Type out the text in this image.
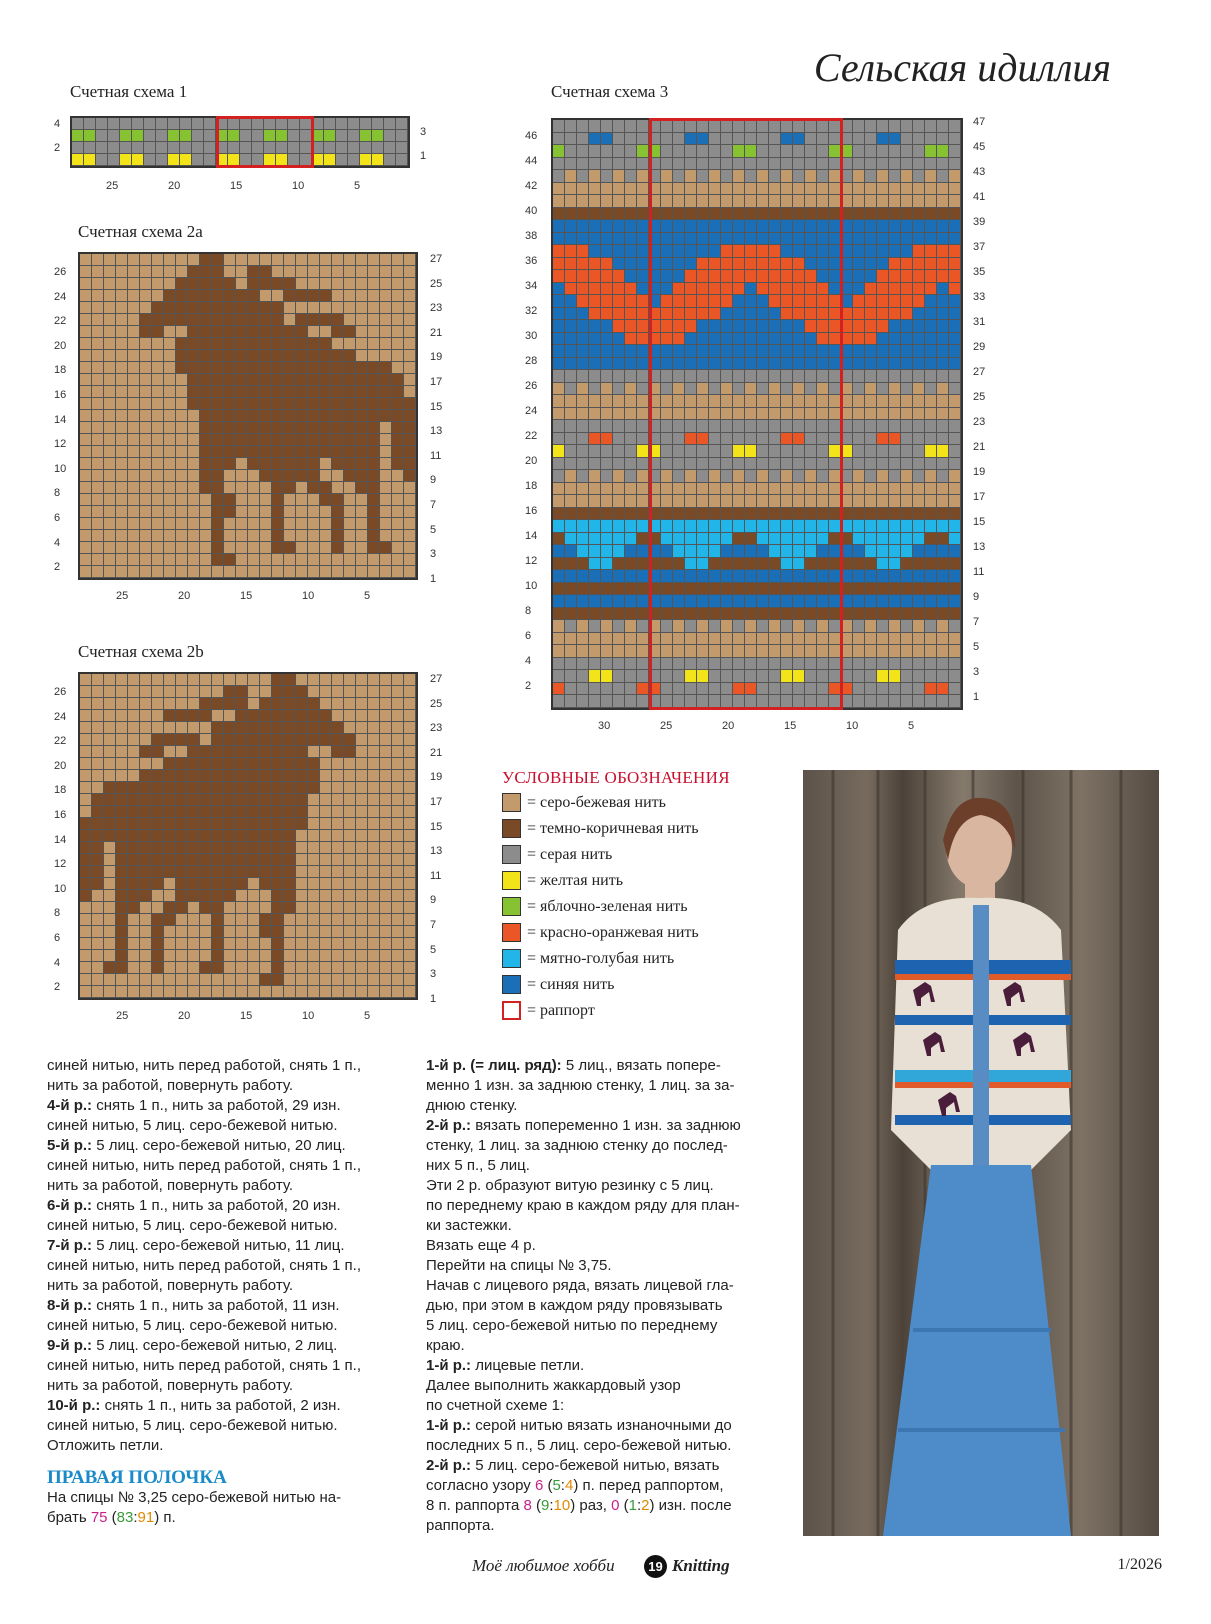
Сельская идиллия
Счетная схема 1
25	20	15	10	5
4
2
3
1
Счетная схема 2a
25	20	15	10	5
26
24
22
20
18
16
14
12
10
8
6
4
2
27
25
23
21
19
17
15
13
11
9
7
5
3
1
Счетная схема 2b
25	20	15	10	5
26
24
22
20
18
16
14
12
10
8
6
4
2
27
25
23
21
19
17
15
13
11
9
7
5
3
1
Счетная схема 3
30	25	20	15	10	5
46
44
42
40
38
36
34
32
30
28
26
24
22
20
18
16
14
12
10
8
6
4
2
47
45
43
41
39
37
35
33
31
29
27
25
23
21
19
17
15
13
11
9
7
5
3
1
УСЛОВНЫЕ ОБОЗНАЧЕНИЯ
= серо-бежевая нить
= темно-коричневая нить
= серая нить
= желтая нить
= яблочно-зеленая нить
= красно-оранжевая нить
= мятно-голубая нить
= синяя нить
= раппорт

синей нитью, нить перед работой, снять 1 п.,

нить за работой, повернуть работу.

4-й р.: снять 1 п., нить за работой, 29 изн.

синей нитью, 5 лиц. серо-бежевой нитью.

5-й р.: 5 лиц. серо-бежевой нитью, 20 лиц.

синей нитью, нить перед работой, снять 1 п.,

нить за работой, повернуть работу.

6-й р.: снять 1 п., нить за работой, 20 изн.

синей нитью, 5 лиц. серо-бежевой нитью.

7-й р.: 5 лиц. серо-бежевой нитью, 11 лиц.

синей нитью, нить перед работой, снять 1 п.,

нить за работой, повернуть работу.

8-й р.: снять 1 п., нить за работой, 11 изн.

синей нитью, 5 лиц. серо-бежевой нитью.

9-й р.: 5 лиц. серо-бежевой нитью, 2 лиц.

синей нитью, нить перед работой, снять 1 п.,

нить за работой, повернуть работу.

10-й р.: снять 1 п., нить за работой, 2 изн.

синей нитью, 5 лиц. серо-бежевой нитью.

Отложить петли.

ПРАВАЯ ПОЛОЧКА

На спицы № 3,25 серо-бежевой нитью на-

брать 75 (83:91) п.

1-й р. (= лиц. ряд): 5 лиц., вязать попере-

менно 1 изн. за заднюю стенку, 1 лиц. за за-

днюю стенку.

2-й р.: вязать попеременно 1 изн. за заднюю

стенку, 1 лиц. за заднюю стенку до послед-

них 5 п., 5 лиц.

Эти 2 р. образуют витую резинку с 5 лиц.

по переднему краю в каждом ряду для план-

ки застежки.

Вязать еще 4 р.

Перейти на спицы № 3,75.

Начав с лицевого ряда, вязать лицевой гла-

дью, при этом в каждом ряду провязывать

5 лиц. серо-бежевой нитью по переднему

краю.

1-й р.: лицевые петли.

Далее выполнить жаккардовый узор

по счетной схеме 1:

1-й р.: серой нитью вязать изнаночными до

последних 5 п., 5 лиц. серо-бежевой нитью.

2-й р.: 5 лиц. серо-бежевой нитью, вязать

согласно узору 6 (5:4) п. перед раппортом,

8 п. раппорта 8 (9:10) раз, 0 (1:2) изн. после

раппорта.

Моё любимое хобби	19 Knitting	1/2026
